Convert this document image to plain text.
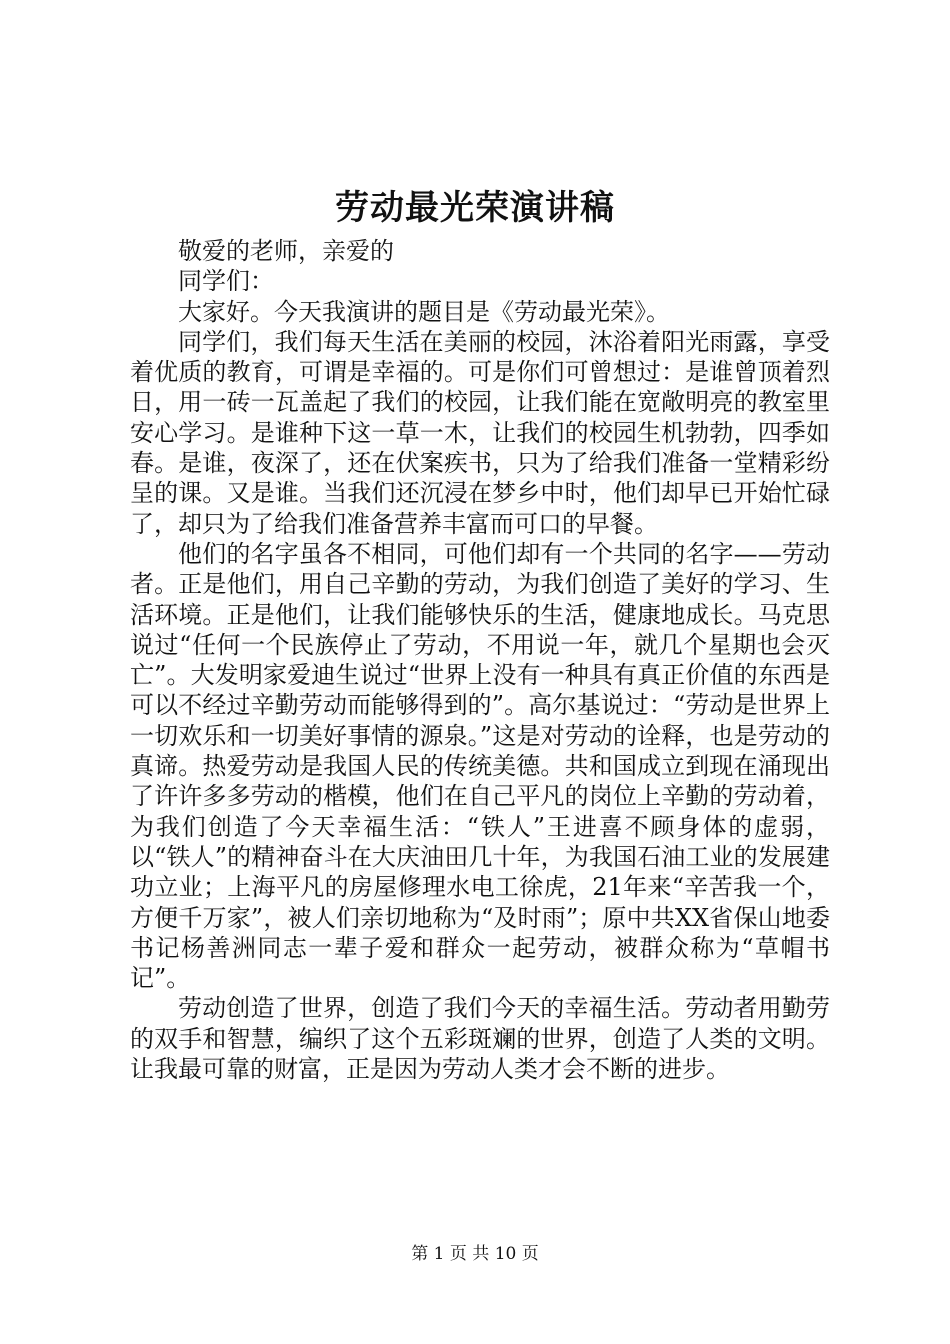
劳动最光荣演讲稿

敬爱的老师，亲爱的

同学们：

大家好。今天我演讲的题目是《劳动最光荣》。

同学们，我们每天生活在美丽的校园，沐浴着阳光雨露，享受着优质的教育，可谓是幸福的。可是你们可曾想过：是谁曾顶着烈日，用一砖一瓦盖起了我们的校园，让我们能在宽敞明亮的教室里安心学习。是谁种下这一草一木，让我们的校园生机勃勃，四季如春。是谁，夜深了，还在伏案疾书，只为了给我们准备一堂精彩纷呈的课。又是谁。当我们还沉浸在梦乡中时，他们却早已开始忙碌了，却只为了给我们准备营养丰富而可口的早餐。

他们的名字虽各不相同，可他们却有一个共同的名字——劳动者。正是他们，用自己辛勤的劳动，为我们创造了美好的学习、生活环境。正是他们，让我们能够快乐的生活，健康地成长。马克思说过“任何一个民族停止了劳动，不用说一年，就几个星期也会灭亡”。大发明家爱迪生说过“世界上没有一种具有真正价值的东西是可以不经过辛勤劳动而能够得到的”。高尔基说过：“劳动是世界上一切欢乐和一切美好事情的源泉。”这是对劳动的诠释，也是劳动的真谛。热爱劳动是我国人民的传统美德。共和国成立到现在涌现出了许许多多劳动的楷模，他们在自己平凡的岗位上辛勤的劳动着，为我们创造了今天幸福生活：“铁人”王进喜不顾身体的虚弱，以“铁人”的精神奋斗在大庆油田几十年，为我国石油工业的发展建功立业；上海平凡的房屋修理水电工徐虎，21年来“辛苦我一个，方便千万家”，被人们亲切地称为“及时雨”；原中共XX省保山地委书记杨善洲同志一辈子爱和群众一起劳动，被群众称为“草帽书记”。

劳动创造了世界，创造了我们今天的幸福生活。劳动者用勤劳的双手和智慧，编织了这个五彩斑斓的世界，创造了人类的文明。让我最可靠的财富，正是因为劳动人类才会不断的进步。

第 1 页 共 10 页
